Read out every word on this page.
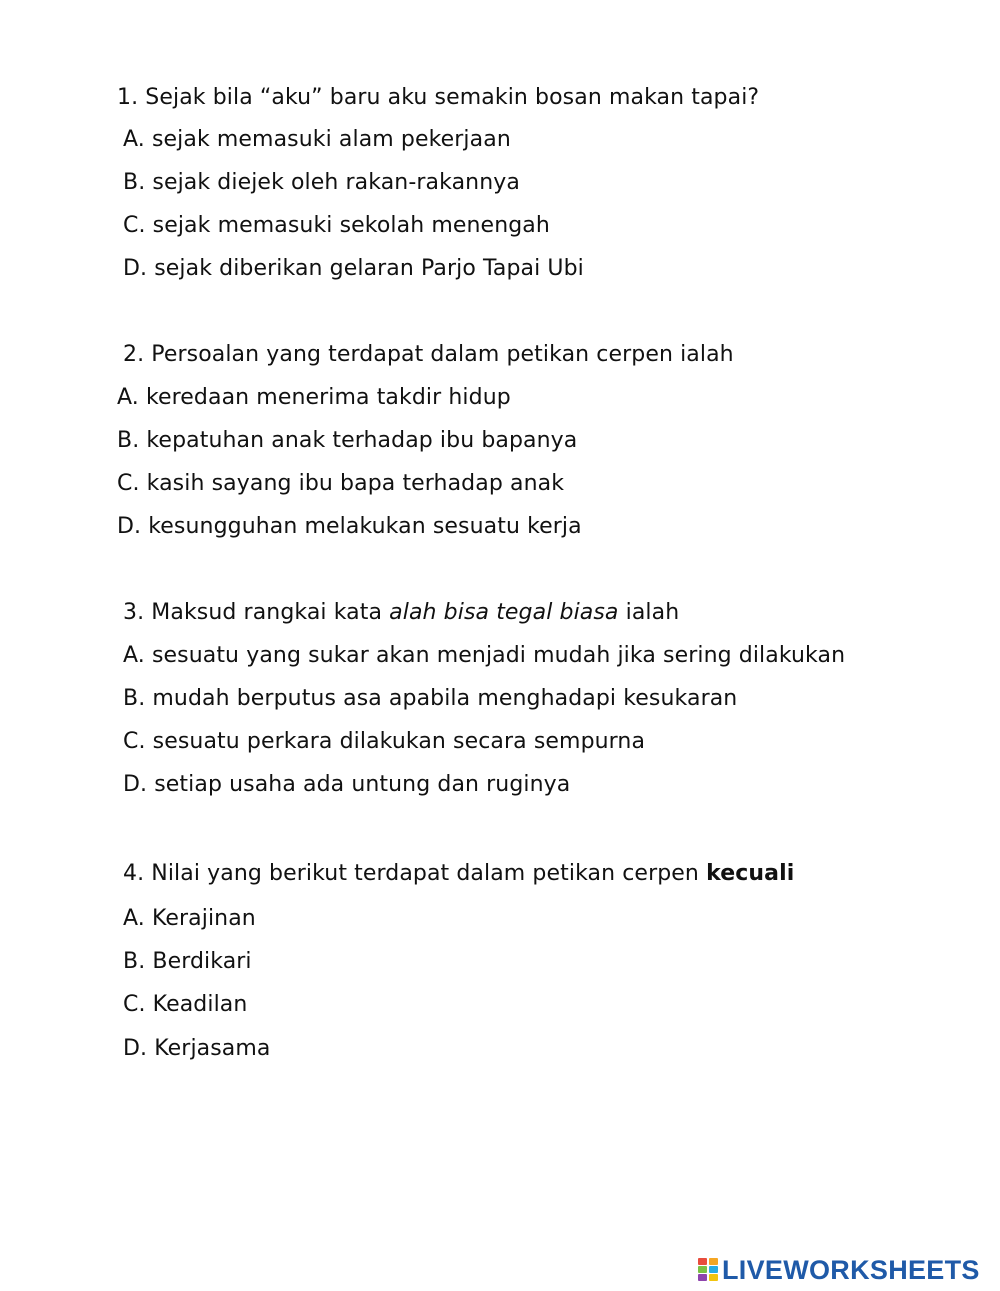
1. Sejak bila “aku” baru aku semakin bosan makan tapai?
A. sejak memasuki alam pekerjaan
B. sejak diejek oleh rakan-rakannya
C. sejak memasuki sekolah menengah
D. sejak diberikan gelaran Parjo Tapai Ubi
2. Persoalan yang terdapat dalam petikan cerpen ialah
A. keredaan menerima takdir hidup
B. kepatuhan anak terhadap ibu bapanya
C. kasih sayang ibu bapa terhadap anak
D. kesungguhan melakukan sesuatu kerja
3. Maksud rangkai kata alah bisa tegal biasa ialah
A. sesuatu yang sukar akan menjadi mudah jika sering dilakukan
B. mudah berputus asa apabila menghadapi kesukaran
C. sesuatu perkara dilakukan secara sempurna
D. setiap usaha ada untung dan ruginya
4. Nilai yang berikut terdapat dalam petikan cerpen kecuali
A. Kerajinan
B. Berdikari
C. Keadilan
D. Kerjasama
LIVEWORKSHEETS
